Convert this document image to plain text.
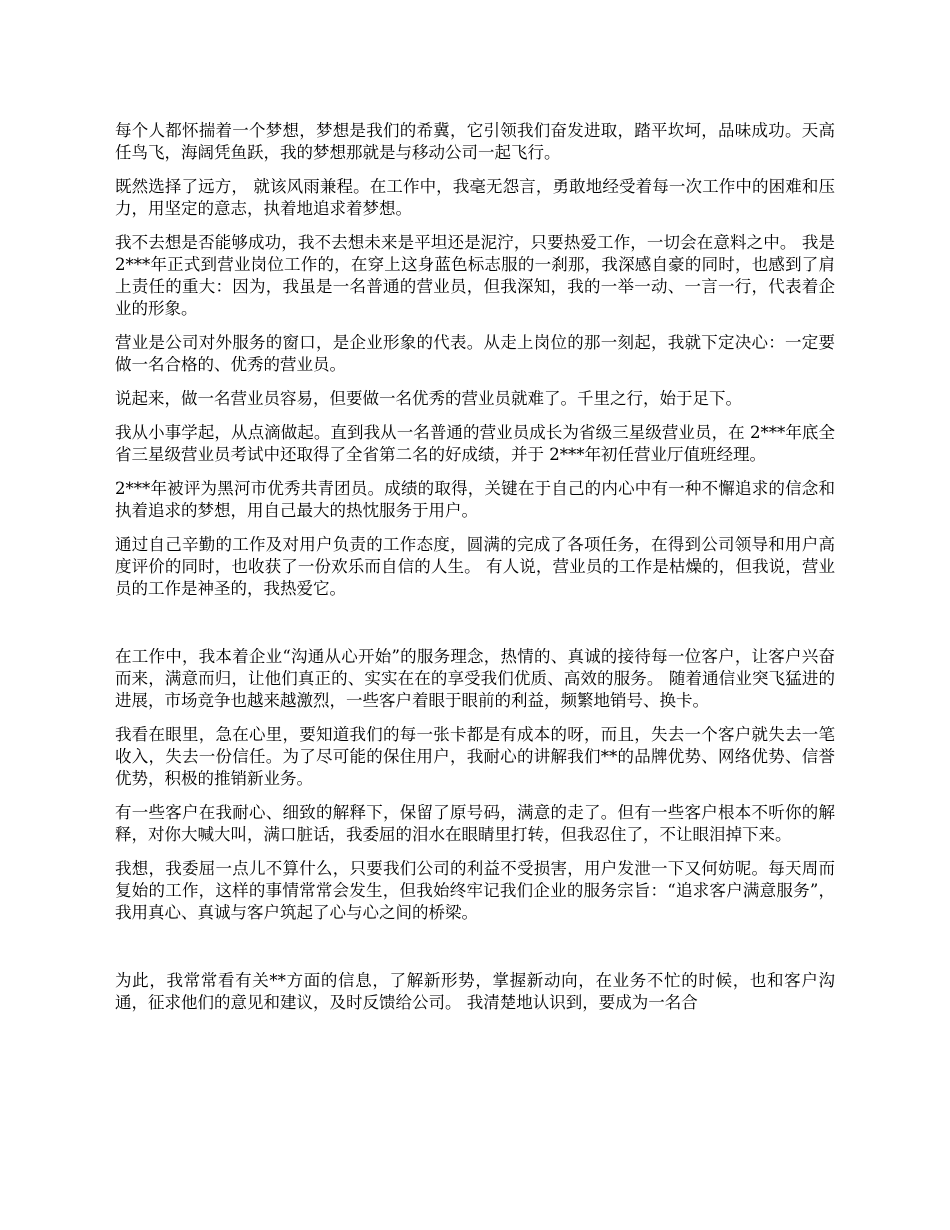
每个人都怀揣着一个梦想，梦想是我们的希冀，它引领我们奋发进取，踏平坎坷，品味成功。天高任鸟飞，海阔凭鱼跃，我的梦想那就是与移动公司一起飞行。

既然选择了远方， 就该风雨兼程。在工作中，我毫无怨言，勇敢地经受着每一次工作中的困难和压力，用坚定的意志，执着地追求着梦想。

我不去想是否能够成功，我不去想未来是平坦还是泥泞，只要热爱工作，一切会在意料之中。 我是 2***年正式到营业岗位工作的，在穿上这身蓝色标志服的一刹那，我深感自豪的同时，也感到了肩上责任的重大：因为，我虽是一名普通的营业员，但我深知，我的一举一动、一言一行，代表着企业的形象。

营业是公司对外服务的窗口，是企业形象的代表。从走上岗位的那一刻起，我就下定决心：一定要做一名合格的、优秀的营业员。

说起来，做一名营业员容易，但要做一名优秀的营业员就难了。千里之行，始于足下。

我从小事学起，从点滴做起。直到我从一名普通的营业员成长为省级三星级营业员，在 2***年底全省三星级营业员考试中还取得了全省第二名的好成绩，并于 2***年初任营业厅值班经理。

2***年被评为黑河市优秀共青团员。成绩的取得，关键在于自己的内心中有一种不懈追求的信念和执着追求的梦想，用自己最大的热忱服务于用户。

通过自己辛勤的工作及对用户负责的工作态度，圆满的完成了各项任务，在得到公司领导和用户高度评价的同时，也收获了一份欢乐而自信的人生。 有人说，营业员的工作是枯燥的，但我说，营业员的工作是神圣的，我热爱它。

在工作中，我本着企业“沟通从心开始”的服务理念，热情的、真诚的接待每一位客户，让客户兴奋而来，满意而归，让他们真正的、实实在在的享受我们优质、高效的服务。 随着通信业突飞猛进的进展，市场竞争也越来越激烈，一些客户着眼于眼前的利益，频繁地销号、换卡。

我看在眼里，急在心里，要知道我们的每一张卡都是有成本的呀，而且，失去一个客户就失去一笔收入，失去一份信任。为了尽可能的保住用户，我耐心的讲解我们**的品牌优势、网络优势、信誉优势，积极的推销新业务。

有一些客户在我耐心、细致的解释下，保留了原号码，满意的走了。但有一些客户根本不听你的解释，对你大喊大叫，满口脏话，我委屈的泪水在眼睛里打转，但我忍住了，不让眼泪掉下来。

我想，我委屈一点儿不算什么，只要我们公司的利益不受损害，用户发泄一下又何妨呢。每天周而复始的工作，这样的事情常常会发生，但我始终牢记我们企业的服务宗旨：“追求客户满意服务”，我用真心、真诚与客户筑起了心与心之间的桥梁。

为此，我常常看有关**方面的信息，了解新形势，掌握新动向，在业务不忙的时候，也和客户沟通，征求他们的意见和建议，及时反馈给公司。 我清楚地认识到，要成为一名合
